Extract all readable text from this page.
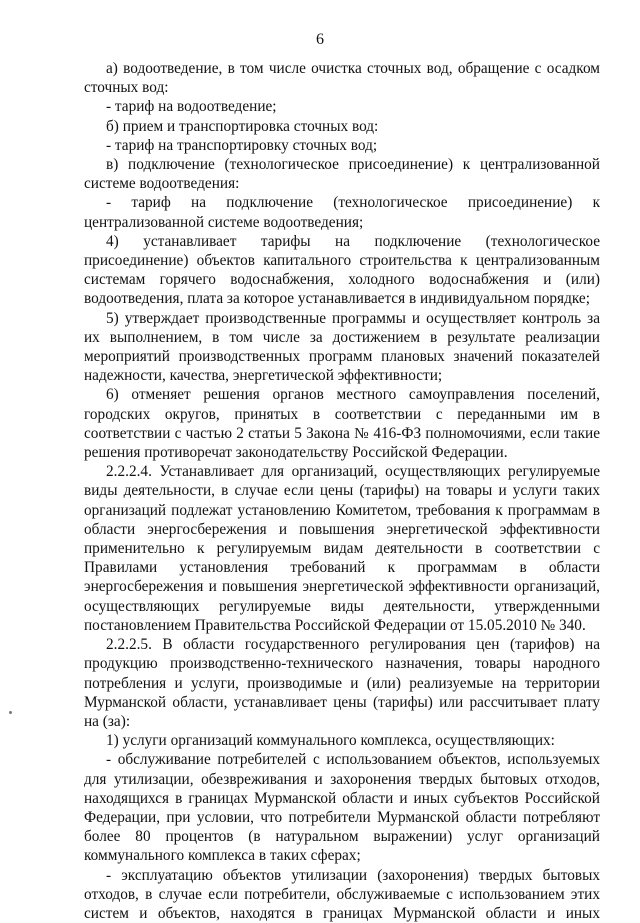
6

а) водоотведение, в том числе очистка сточных вод, обращение с осадком сточных вод:

- тариф на водоотведение;

б) прием и транспортировка сточных вод:

- тариф на транспортировку сточных вод;

в) подключение (технологическое присоединение) к централизованной системе водоотведения:

- тариф на подключение (технологическое присоединение) к централизованной системе водоотведения;

4) устанавливает тарифы на подключение (технологическое присоединение) объектов капитального строительства к централизованным системам горячего водоснабжения, холодного водоснабжения и (или) водоотведения, плата за которое устанавливается в индивидуальном порядке;

5) утверждает производственные программы и осуществляет контроль за их выполнением, в том числе за достижением в результате реализации мероприятий производственных программ плановых значений показателей надежности, качества, энергетической эффективности;

6) отменяет решения органов местного самоуправления поселений, городских округов, принятых в соответствии с переданными им в соответствии с частью 2 статьи 5 Закона № 416-ФЗ полномочиями, если такие решения противоречат законодательству Российской Федерации.

2.2.2.4. Устанавливает для организаций, осуществляющих регулируемые виды деятельности, в случае если цены (тарифы) на товары и услуги таких организаций подлежат установлению Комитетом, требования к программам в области энергосбережения и повышения энергетической эффективности применительно к регулируемым видам деятельности в соответствии с Правилами установления требований к программам в области энергосбережения и повышения энергетической эффективности организаций, осуществляющих регулируемые виды деятельности, утвержденными постановлением Правительства Российской Федерации от 15.05.2010 № 340.

2.2.2.5. В области государственного регулирования цен (тарифов) на продукцию производственно-технического назначения, товары народного потребления и услуги, производимые и (или) реализуемые на территории Мурманской области, устанавливает цены (тарифы) или рассчитывает плату на (за):

1) услуги организаций коммунального комплекса, осуществляющих:

- обслуживание потребителей с использованием объектов, используемых для утилизации, обезвреживания и захоронения твердых бытовых отходов, находящихся в границах Мурманской области и иных субъектов Российской Федерации, при условии, что потребители Мурманской области потребляют более 80 процентов (в натуральном выражении) услуг организаций коммунального комплекса в таких сферах;

- эксплуатацию объектов утилизации (захоронения) твердых бытовых отходов, в случае если потребители, обслуживаемые с использованием этих систем и объектов, находятся в границах Мурманской области и иных
